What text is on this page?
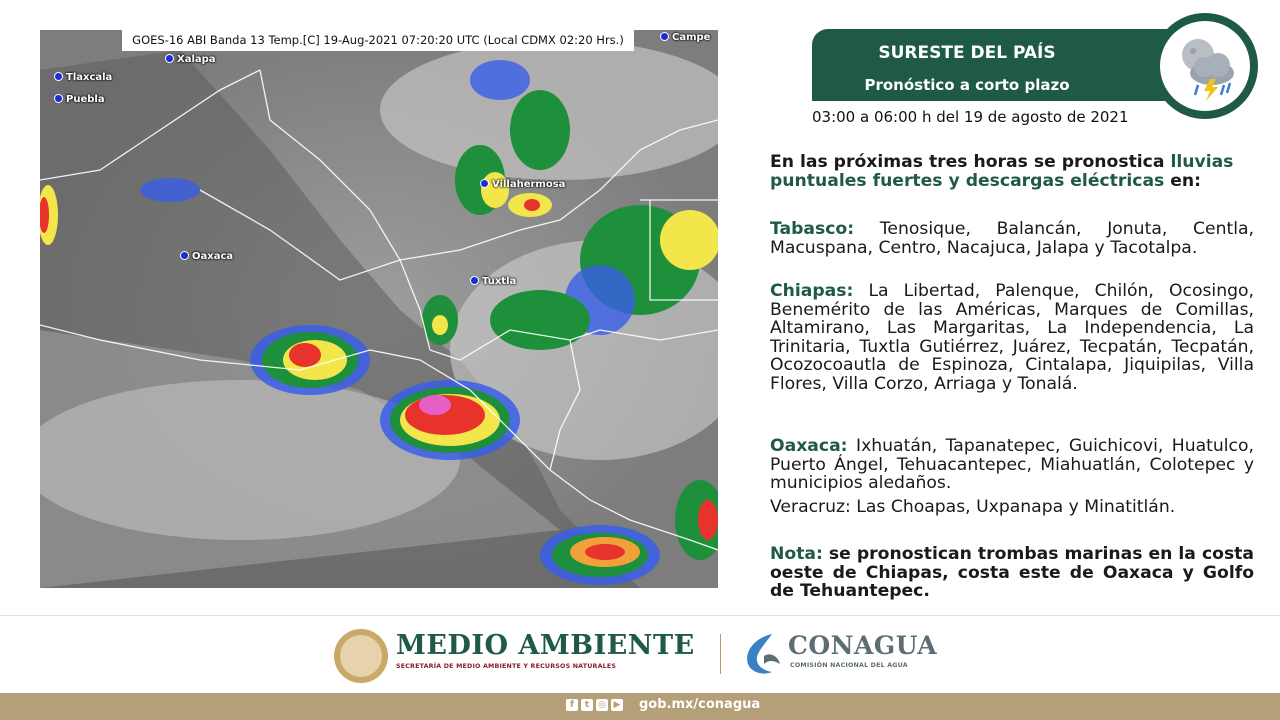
GOES-16 ABI Banda 13 Temp.[C] 19-Aug-2021 07:20:20 UTC (Local CDMX 02:20 Hrs.)
Xalapa
Tlaxcala
Puebla
Oaxaca
Villahermosa
Tuxtla
Campe
SURESTE DEL PAÍS
Pronóstico a corto plazo
03:00 a 06:00 h del 19 de agosto de 2021
En las próximas tres horas se pronostica lluvias puntuales fuertes y descargas eléctricas en:
Tabasco: Tenosique, Balancán, Jonuta, Centla, Macuspana, Centro, Nacajuca, Jalapa y Tacotalpa.
Chiapas: La Libertad, Palenque, Chilón, Ocosingo, Benemérito de las Américas, Marques de Comillas, Altamirano, Las Margaritas, La Independencia, La Trinitaria, Tuxtla Gutiérrez, Juárez, Tecpatán, Tecpatán, Ocozocoautla de Espinoza, Cintalapa, Jiquipilas, Villa Flores, Villa Corzo, Arriaga y Tonalá.
Oaxaca: Ixhuatán, Tapanatepec, Guichicovi, Huatulco, Puerto Ángel, Tehuacantepec, Miahuatlán, Colotepec y municipios aledaños.
Veracruz: Las Choapas, Uxpanapa y Minatitlán.
Nota: se pronostican trombas marinas en la costa oeste de Chiapas, costa este de Oaxaca y Golfo de Tehuantepec.
MEDIO AMBIENTE
SECRETARÍA DE MEDIO AMBIENTE Y RECURSOS NATURALES
CONAGUA
COMISIÓN NACIONAL DEL AGUA
f t ◎ ▶	gob.mx/conagua
